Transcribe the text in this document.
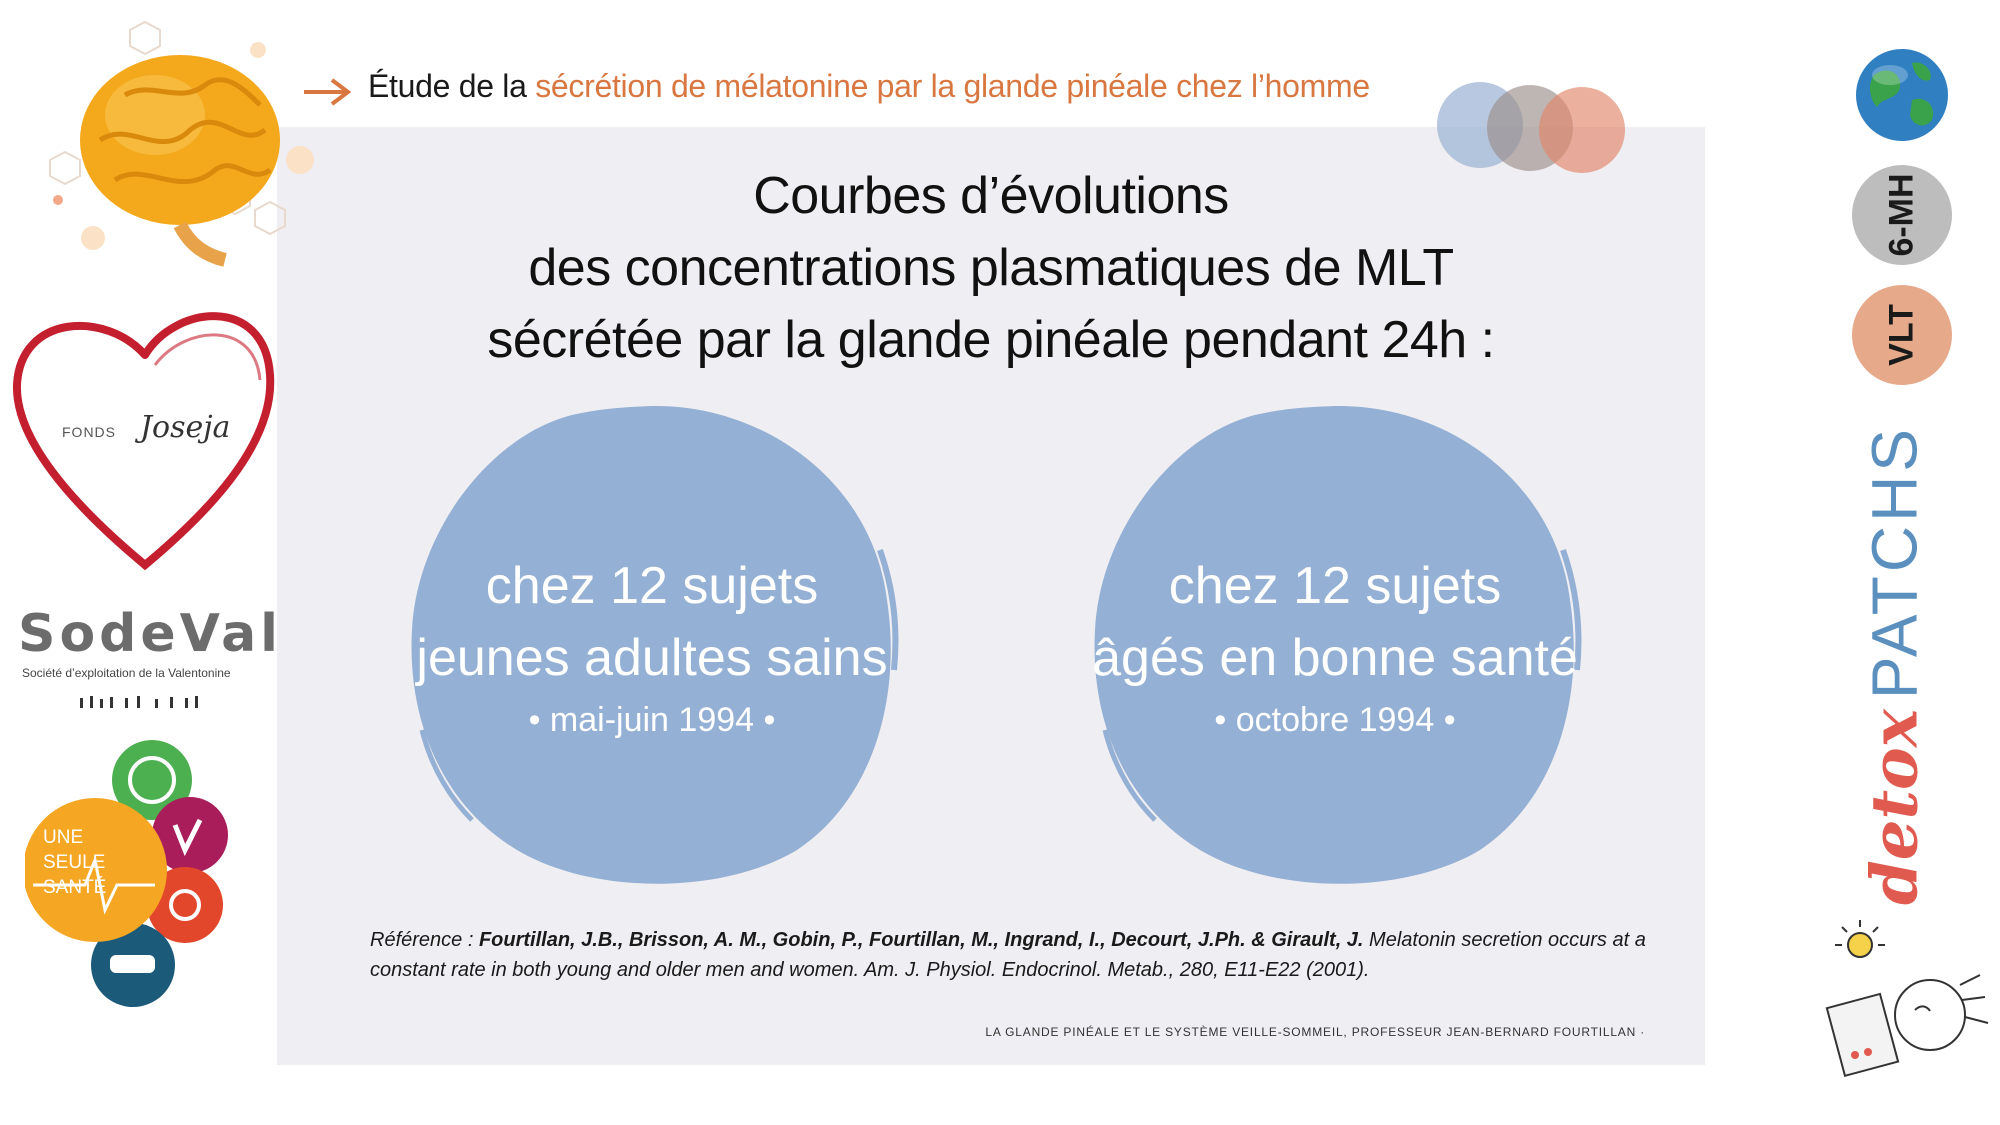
Étude de la sécrétion de mélatonine par la glande pinéale chez l’homme
Courbes d’évolutions
des concentrations plasmatiques de MLT
sécrétée par la glande pinéale pendant 24h :
chez 12 sujets
jeunes adultes sains
• mai-juin 1994 •
chez 12 sujets
âgés en bonne santé
• octobre 1994 •
Référence : Fourtillan, J.B., Brisson, A. M., Gobin, P., Fourtillan, M., Ingrand, I., Decourt, J.Ph. & Girault, J. Melatonin secretion occurs at a constant rate in both young and older men and women. Am. J. Physiol. Endocrinol. Metab., 280, E11-E22 (2001).
LA GLANDE PINÉALE ET LE SYSTÈME VEILLE-SOMMEIL, PROFESSEUR JEAN-BERNARD FOURTILLAN ·
FONDS Joseja
SodeVal
Société d’exploitation de la Valentonine
UNE
SEULE
SANTÉ
6-MH
VLT
detoxPATCHS
